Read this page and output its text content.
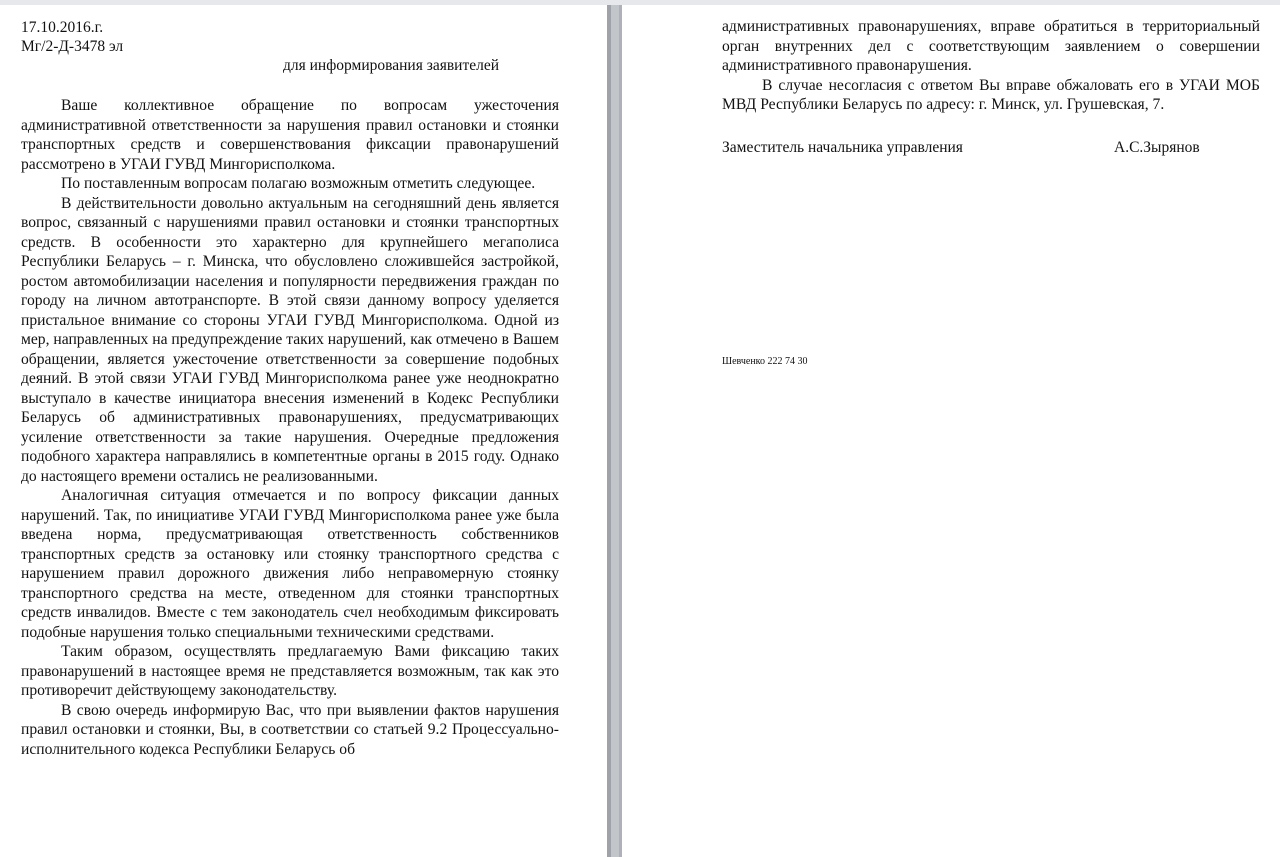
17.10.2016.г.
Мг/2-Д-3478 эл
для информирования заявителей

Ваше коллективное обращение по вопросам ужесточения административной ответственности за нарушения правил остановки и стоянки транспортных средств и совершенствования фиксации правонарушений рассмотрено в УГАИ ГУВД Мингорисполкома.

По поставленным вопросам полагаю возможным отметить следующее.

В действительности довольно актуальным на сегодняшний день является вопрос, связанный с нарушениями правил остановки и стоянки транспортных средств. В особенности это характерно для крупнейшего мегаполиса Республики Беларусь – г. Минска, что обусловлено сложившейся застройкой, ростом автомобилизации населения и популярности передвижения граждан по городу на личном автотранспорте. В этой связи данному вопросу уделяется пристальное внимание со стороны УГАИ ГУВД Мингорисполкома. Одной из мер, направленных на предупреждение таких нарушений, как отмечено в Вашем обращении, является ужесточение ответственности за совершение подобных деяний. В этой связи УГАИ ГУВД Мингорисполкома ранее уже неоднократно выступало в качестве инициатора внесения изменений в Кодекс Республики Беларусь об административных правонарушениях, предусматривающих усиление ответственности за такие нарушения. Очередные предложения подобного характера направлялись в компетентные органы в 2015 году. Однако до настоящего времени остались не реализованными.

Аналогичная ситуация отмечается и по вопросу фиксации данных нарушений. Так, по инициативе УГАИ ГУВД Мингорисполкома ранее уже была введена норма, предусматривающая ответственность собственников транспортных средств за остановку или стоянку транспортного средства с нарушением правил дорожного движения либо неправомерную стоянку транспортного средства на месте, отведенном для стоянки транспортных средств инвалидов. Вместе с тем законодатель счел необходимым фиксировать подобные нарушения только специальными техническими средствами.

Таким образом, осуществлять предлагаемую Вами фиксацию таких правонарушений в настоящее время не представляется возможным, так как это противоречит действующему законодательству.

В свою очередь информирую Вас, что при выявлении фактов нарушения правил остановки и стоянки, Вы, в соответствии со статьей 9.2 Процессуально-исполнительного кодекса Республики Беларусь об

административных правонарушениях, вправе обратиться в территориальный орган внутренних дел с соответствующим заявлением о совершении административного правонарушения.

В случае несогласия с ответом Вы вправе обжаловать его в УГАИ МОБ МВД Республики Беларусь по адресу: г. Минск, ул. Грушевская, 7.

Заместитель начальника управления	А.С.Зырянов
Шевченко 222 74 30
